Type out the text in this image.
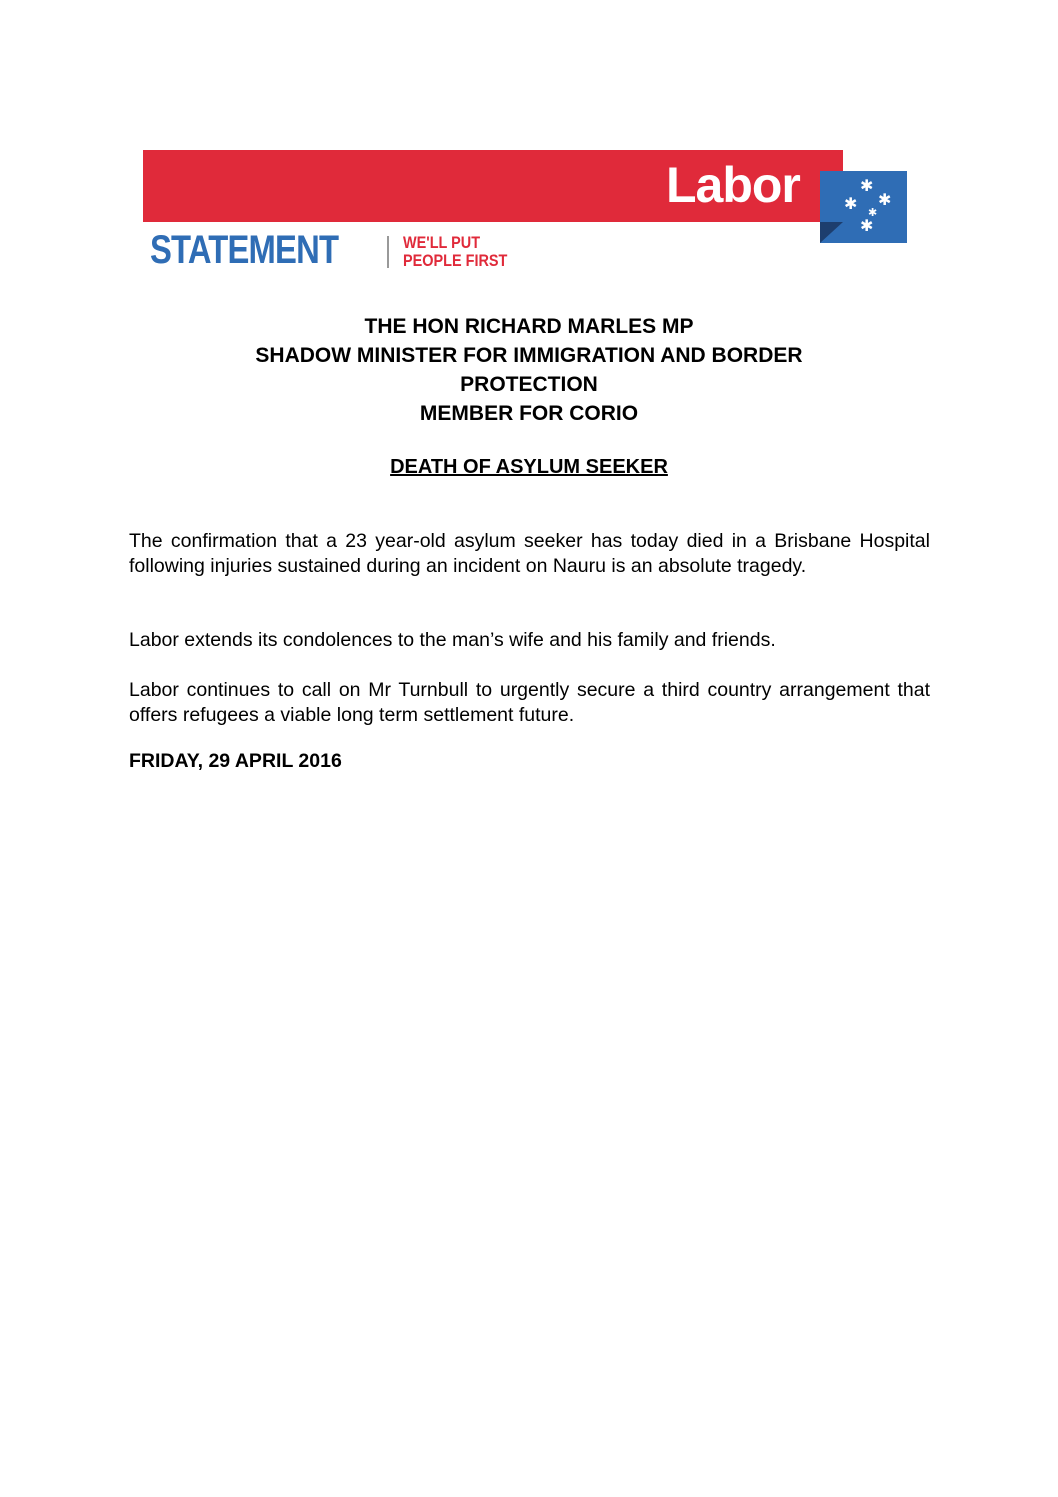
✱
✱ ✱
✱
✱
Labor
STATEMENT	WE'LL PUT
PEOPLE FIRST
THE HON RICHARD MARLES MP
SHADOW MINISTER FOR IMMIGRATION AND BORDER
PROTECTION
MEMBER FOR CORIO
DEATH OF ASYLUM SEEKER
The confirmation that a 23 year-old asylum seeker has today died in a Brisbane Hospital following injuries sustained during an incident on Nauru is an absolute tragedy.
Labor extends its condolences to the man’s wife and his family and friends.
Labor continues to call on Mr Turnbull to urgently secure a third country arrangement that offers refugees a viable long term settlement future.
FRIDAY, 29 APRIL 2016
